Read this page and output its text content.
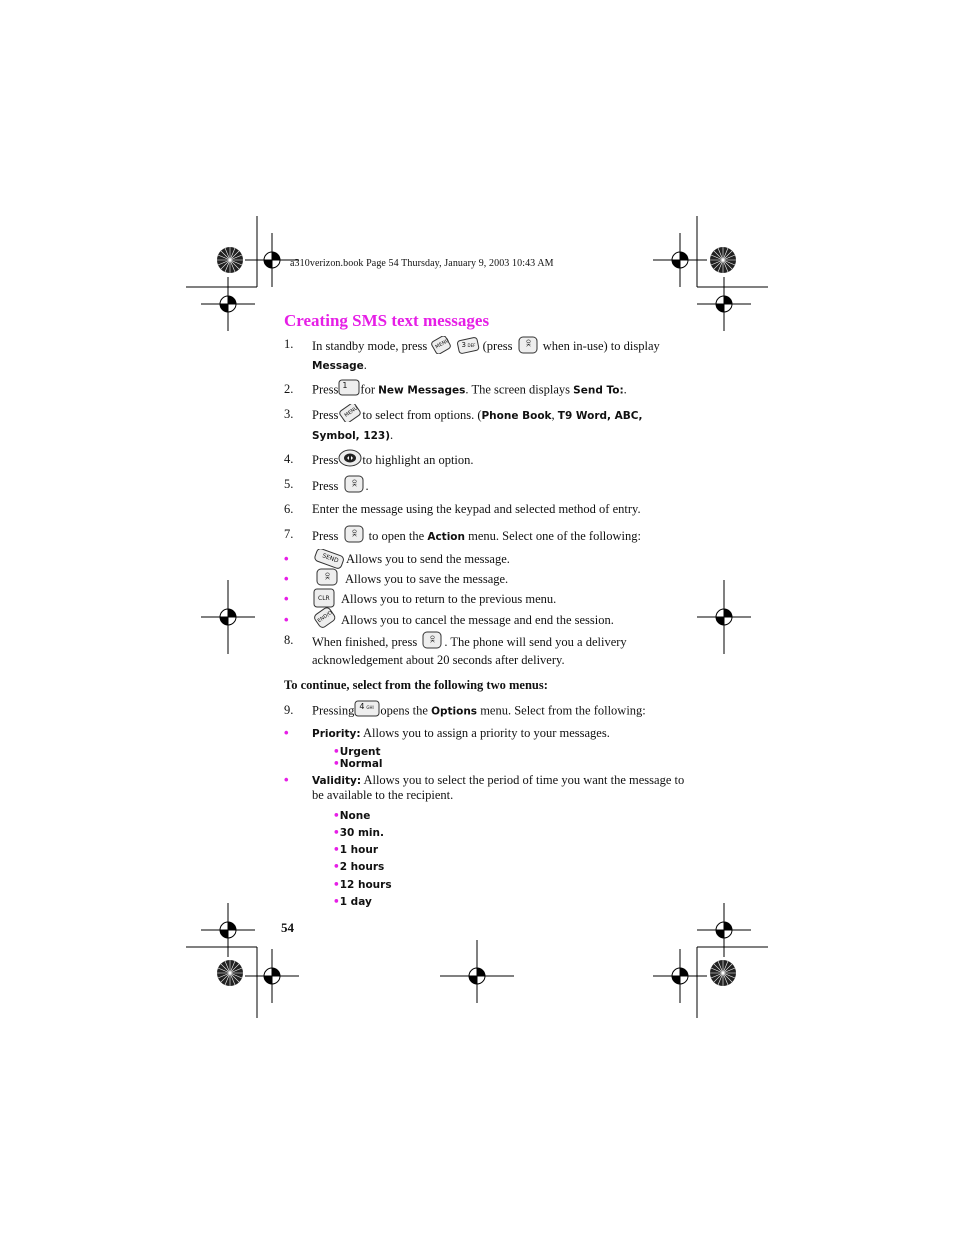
a310verizon.book Page 54 Thursday, January 9, 2003 10:43 AM
Creating SMS text messages
1. In standby mode, press MENU
3 DEF (press OK when in-use) to display
Message.
2. Press 1 for New Messages. The screen displays Send To:.
3. Press MENU to select from options. (Phone Book, T9 Word, ABC,
Symbol, 123).
4. Press to highlight an option.
5. Press OK .
6. Enter the message using the keypad and selected method of entry.
7. Press OK to open the Action menu. Select one of the following:
•	SEND Allows you to send the message.
•	OK Allows you to save the message.
•	CLR Allows you to return to the previous menu.
•	END/O Allows you to cancel the message and end the session.
8. When finished, press OK . The phone will send you a delivery
acknowledgement about 20 seconds after delivery.
To continue, select from the following two menus:
9. Pressing 4 GHI opens the Options menu. Select from the following:
• Priority: Allows you to assign a priority to your messages.
•Urgent
•Normal
• Validity: Allows you to select the period of time you want the message to
be available to the recipient.
•None
•30 min.
•1 hour
•2 hours
•12 hours
•1 day
54
